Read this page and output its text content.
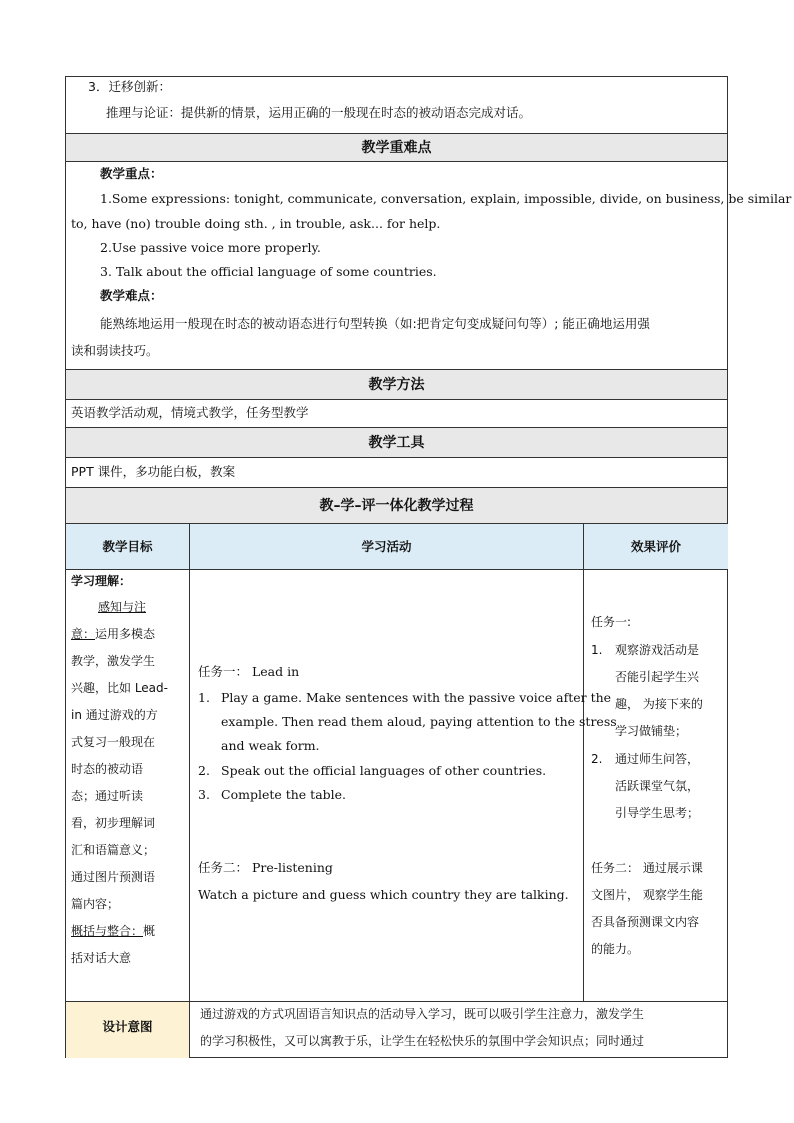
3．迁移创新：
推理与论证：提供新的情景，运用正确的一般现在时态的被动语态完成对话。
教学重难点
教学重点：
1.Some expressions: tonight, communicate, conversation, explain, impossible, divide, on business, be similar
to, have (no) trouble doing sth. , in trouble, ask... for help.
2.Use passive voice more properly.
3. Talk about the official language of some countries.
教学难点：
能熟练地运用一般现在时态的被动语态进行句型转换（如:把肯定句变成疑问句等）; 能正确地运用强
读和弱读技巧。
教学方法
英语教学活动观，情境式教学，任务型教学
教学工具
PPT 课件，多功能白板，教案
教–学–评一体化教学过程
教学目标	学习活动	效果评价
学习理解：
感知与注
意：运用多模态
教学，激发学生
兴趣，比如 Lead-
in 通过游戏的方
式复习一般现在
时态的被动语
态；通过听读
看，初步理解词
汇和语篇意义；
通过图片预测语
篇内容；
概括与整合：概
括对话大意
任务一： Lead in
1. Play a game. Make sentences with the passive voice after the
example. Then read them aloud, paying attention to the stress
and weak form.
2. Speak out the official languages of other countries.
3. Complete the table.
任务二： Pre-listening
Watch a picture and guess which country they are talking.
任务一:
1. 观察游戏活动是
否能引起学生兴
趣， 为接下来的
学习做铺垫；
2. 通过师生问答，
活跃课堂气氛，
引导学生思考；
任务二： 通过展示课
文图片， 观察学生能
否具备预测课文内容
的能力。
设计意图
通过游戏的方式巩固语言知识点的活动导入学习，既可以吸引学生注意力，激发学生
的学习积极性，又可以寓教于乐，让学生在轻松快乐的氛围中学会知识点；同时通过
